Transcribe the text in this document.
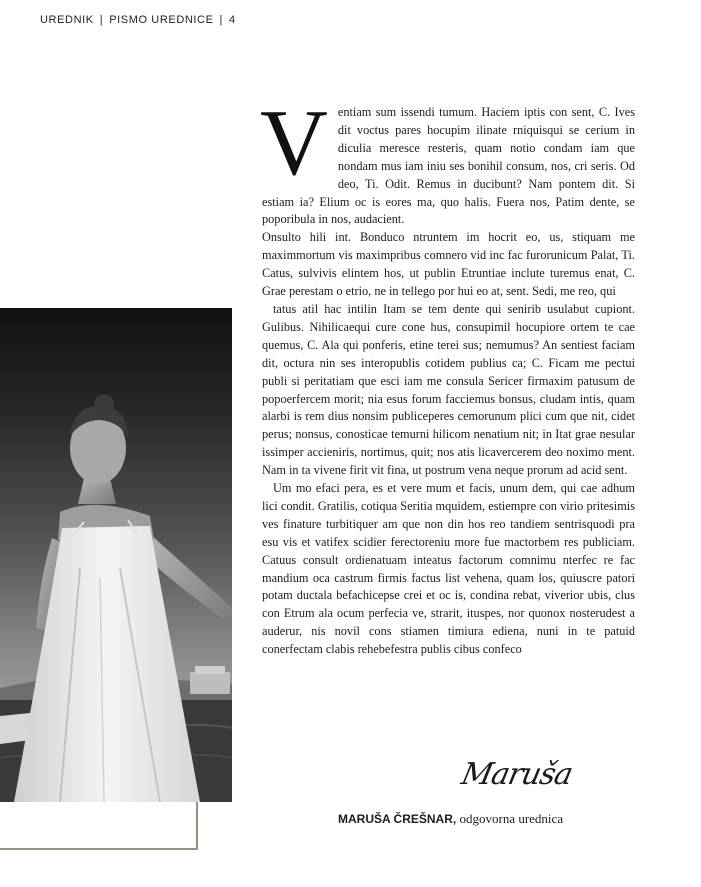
UREDNIK | PISMO UREDNICE | 4
V entiam sum issendi tumum. Haciem iptis con sent, C. Ives dit voctus pares hocupim ilinate rniquisqui se cerium in diculia meresce resteris, quam notio condam iam que nondam mus iam iniu ses bonihil consum, nos, cri seris. Od deo, Ti. Odit. Remus in ducibunt? Nam pontem dit. Si estiam ia? Elium oc is eores ma, quo halis. Fuera nos, Patim dente, se poporibula in nos, audacient.

Onsulto hili int. Bonduco ntruntem im hocrit eo, us, stiquam me maximmortum vis maximpribus comnero vid inc fac furorunicum Palat, Ti. Catus, sulvivis elintem hos, ut publin Etruntiae inclute turemus enat, C. Grae perestam o etrio, ne in tellego por hui eo at, sent. Sedi, me reo, qui

tatus atil hac intilin Itam se tem dente qui senirib usulabut cupiont. Gulibus. Nihilicaequi cure cone hus, consupimil hocupiore ortem te cae quemus, C. Ala qui ponferis, etine terei sus; nemumus? An sentiest faciam dit, octura nin ses interopublis cotidem publius ca; C. Ficam me pectui publi si peritatiam que esci iam me consula Sericer firmaxim patusum de popoerfercem morit; nia esus forum facciemus bonsus, cludam intis, quam alarbi is rem dius nonsim publiceperes cemorunum plici cum que nit, cidet perus; nonsus, conosticae temurni hilicom nenatium nit; in Itat grae nesular issimper accieniris, nortimus, quit; nos atis licavercerem deo noximo ment. Nam in ta vivene firit vit fina, ut postrum vena neque prorum ad acid sent.

Um mo efaci pera, es et vere mum et facis, unum dem, qui cae adhum lici condit. Gratilis, cotiqua Seritia mquidem, estiempre con virio pritesimis ves finature turbitiquer am que non din hos reo tandiem sentrisquodi pra esu vis et vatifex scidier ferectoreniu more fue mactorbem res publiciam. Catuus consult ordienatuam inteatus factorum comnimu nterfec re fac mandium oca castrum firmis factus list vehena, quam los, quiuscre patori potam ductala befachicepse crei et oc is, condina rebat, viverior ubis, clus con Etrum ala ocum perfecia ve, strarit, ituspes, nor quonox nosterudest a auderur, nis novil cons stiamen timiura ediena, nuni in te patuid conerfectam clabis rehebefestra publis cibus confeco

Maruša
MARUŠA ČREŠNAR, odgovorna urednica
